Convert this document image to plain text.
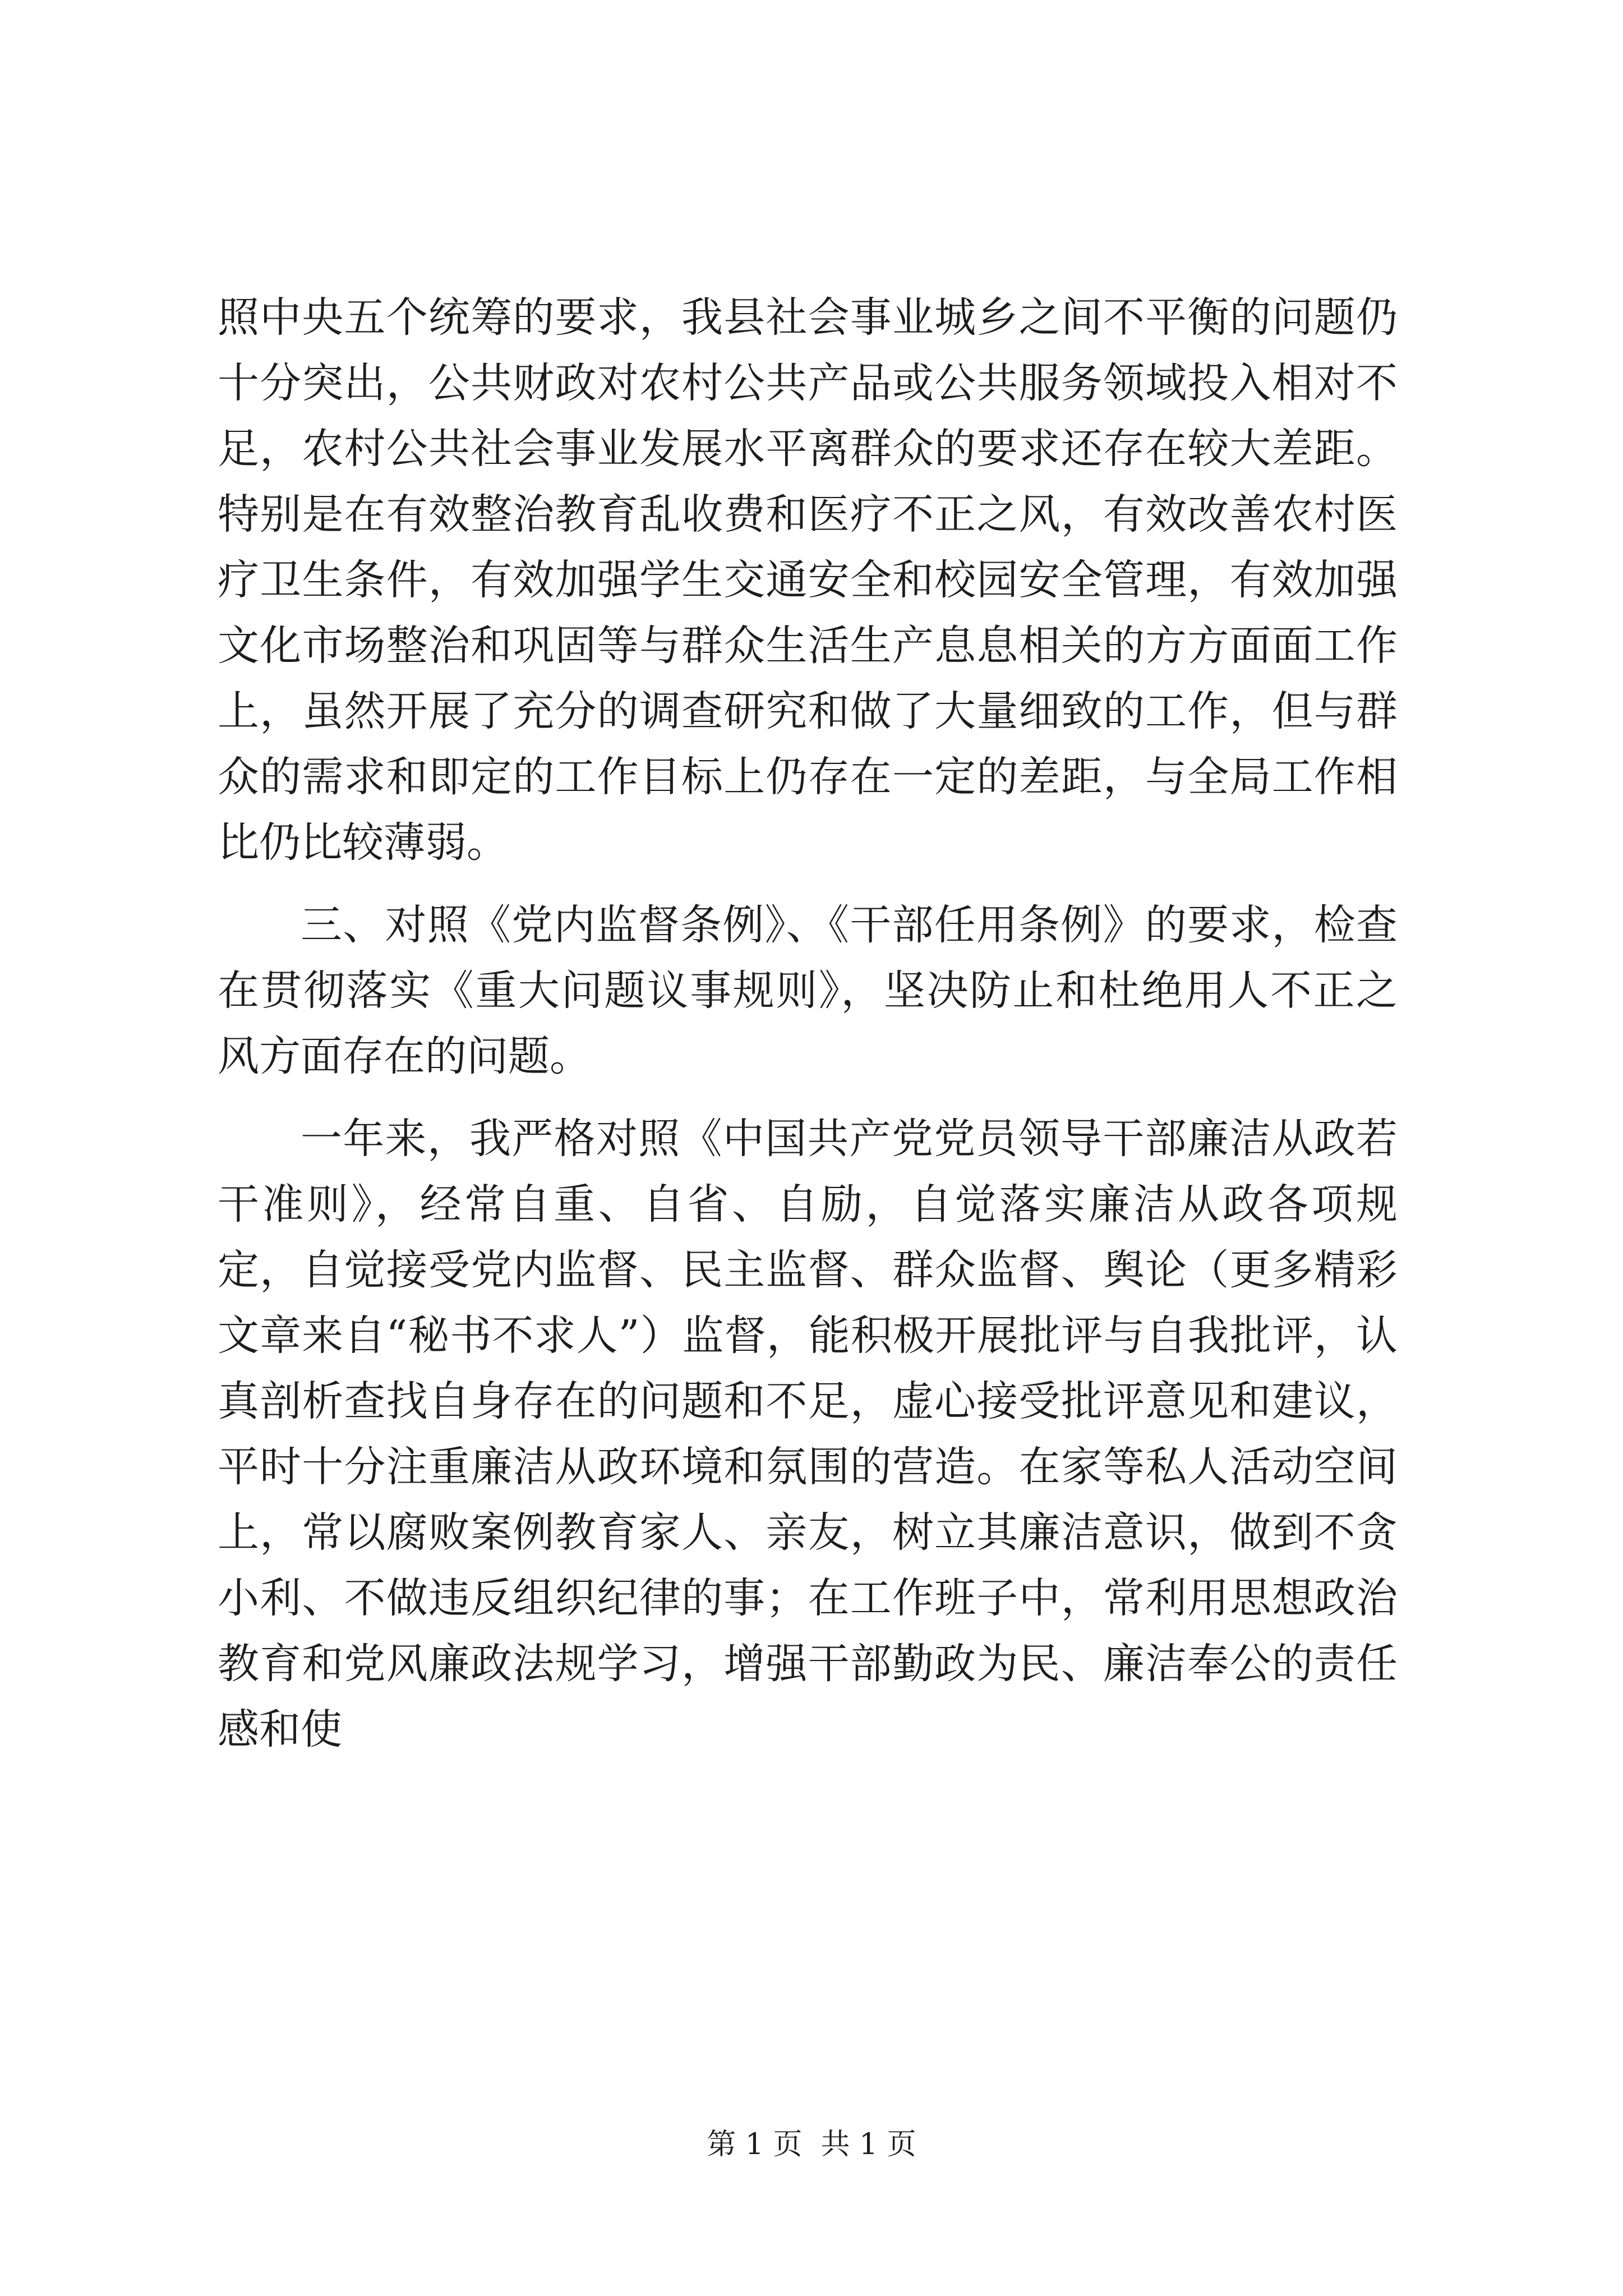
照中央五个统筹的要求，我县社会事业城乡之间不平衡的问题仍十分突出，公共财政对农村公共产品或公共服务领域投入相对不足，农村公共社会事业发展水平离群众的要求还存在较大差距。特别是在有效整治教育乱收费和医疗不正之风，有效改善农村医疗卫生条件，有效加强学生交通安全和校园安全管理，有效加强文化市场整治和巩固等与群众生活生产息息相关的方方面面工作上，虽然开展了充分的调查研究和做了大量细致的工作，但与群众的需求和即定的工作目标上仍存在一定的差距，与全局工作相比仍比较薄弱。

三、对照《党内监督条例》、《干部任用条例》的要求，检查在贯彻落实《重大问题议事规则》，坚决防止和杜绝用人不正之风方面存在的问题。

一年来，我严格对照《中国共产党党员领导干部廉洁从政若干准则》，经常自重、自省、自励，自觉落实廉洁从政各项规定，自觉接受党内监督、民主监督、群众监督、舆论（更多精彩文章来自“秘书不求人”）监督，能积极开展批评与自我批评，认真剖析查找自身存在的问题和不足，虚心接受批评意见和建议，平时十分注重廉洁从政环境和氛围的营造。在家等私人活动空间上，常以腐败案例教育家人、亲友，树立其廉洁意识，做到不贪小利、不做违反组织纪律的事；在工作班子中，常利用思想政治教育和党风廉政法规学习，增强干部勤政为民、廉洁奉公的责任感和使

第 1 页  共 1 页
